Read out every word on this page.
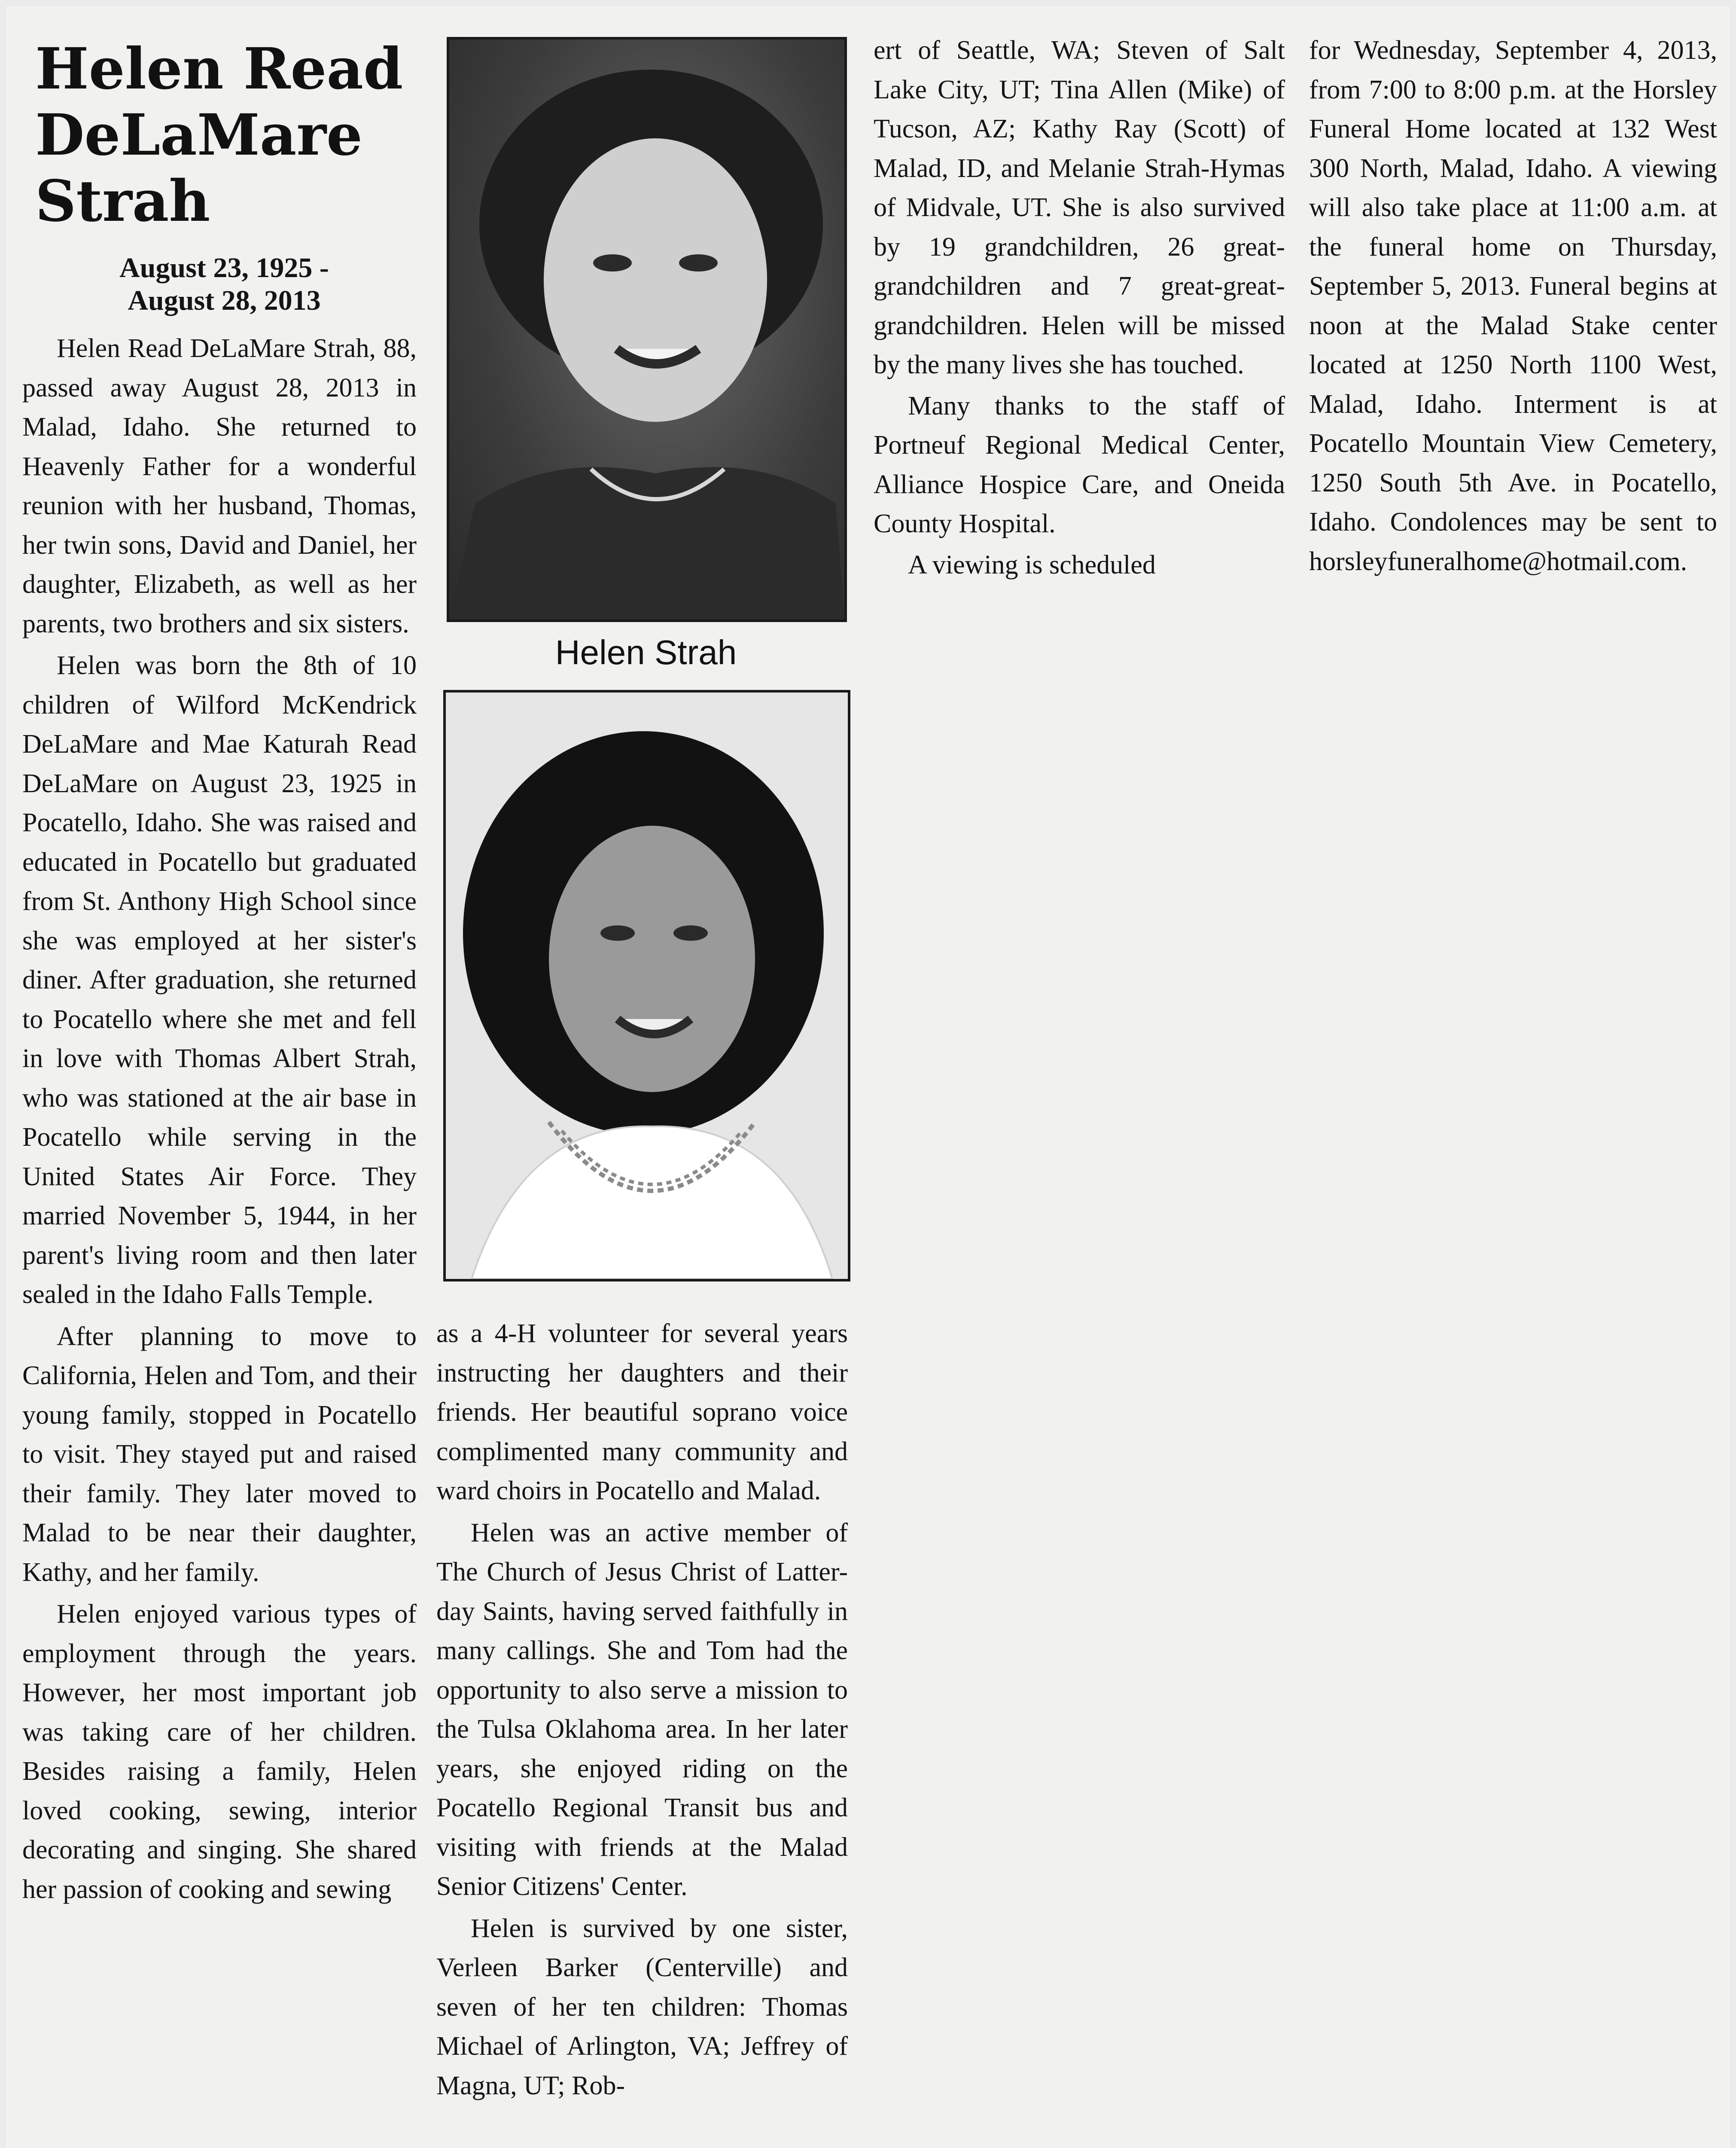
Helen Read
DeLaMare
Strah
August 23, 1925 -
August 28, 2013

Helen Read DeLaMare Strah, 88, passed away August 28, 2013 in Malad, Idaho. She returned to Heavenly Father for a wonderful reunion with her husband, Thomas, her twin sons, David and Daniel, her daughter, Elizabeth, as well as her parents, two brothers and six sisters.

Helen was born the 8th of 10 children of Wilford McKendrick DeLaMare and Mae Katurah Read DeLaMare on August 23, 1925 in Pocatello, Idaho. She was raised and educated in Pocatello but graduated from St. Anthony High School since she was employed at her sister's diner. After graduation, she returned to Pocatello where she met and fell in love with Thomas Albert Strah, who was stationed at the air base in Pocatello while serving in the United States Air Force. They married November 5, 1944, in her parent's living room and then later sealed in the Idaho Falls Temple.

After planning to move to California, Helen and Tom, and their young family, stopped in Pocatello to visit. They stayed put and raised their family. They later moved to Malad to be near their daughter, Kathy, and her family.

Helen enjoyed various types of employment through the years. However, her most important job was taking care of her children. Besides raising a family, Helen loved cooking, sewing, interior decorating and singing. She shared her passion of cooking and sewing

Helen Strah

as a 4-H volunteer for several years instructing her daughters and their friends. Her beautiful soprano voice complimented many community and ward choirs in Pocatello and Malad.

Helen was an active member of The Church of Jesus Christ of Latter-day Saints, having served faithfully in many callings. She and Tom had the opportunity to also serve a mission to the Tulsa Oklahoma area. In her later years, she enjoyed riding on the Pocatello Regional Transit bus and visiting with friends at the Malad Senior Citizens' Center.

Helen is survived by one sister, Verleen Barker (Centerville) and seven of her ten children: Thomas Michael of Arlington, VA; Jeffrey of Magna, UT; Rob-

ert of Seattle, WA; Steven of Salt Lake City, UT; Tina Allen (Mike) of Tucson, AZ; Kathy Ray (Scott) of Malad, ID, and Melanie Strah-Hymas of Midvale, UT. She is also survived by 19 grandchildren, 26 great-grandchildren and 7 great-great-grandchildren. Helen will be missed by the many lives she has touched.

Many thanks to the staff of Portneuf Regional Medical Center, Alliance Hospice Care, and Oneida County Hospital.

A viewing is scheduled

for Wednesday, September 4, 2013, from 7:00 to 8:00 p.m. at the Horsley Funeral Home located at 132 West 300 North, Malad, Idaho. A viewing will also take place at 11:00 a.m. at the funeral home on Thursday, September 5, 2013. Funeral begins at noon at the Malad Stake center located at 1250 North 1100 West, Malad, Idaho. Interment is at Pocatello Mountain View Cemetery, 1250 South 5th Ave. in Pocatello, Idaho. Condolences may be sent to horsleyfuneralhome@hotmail.com.
